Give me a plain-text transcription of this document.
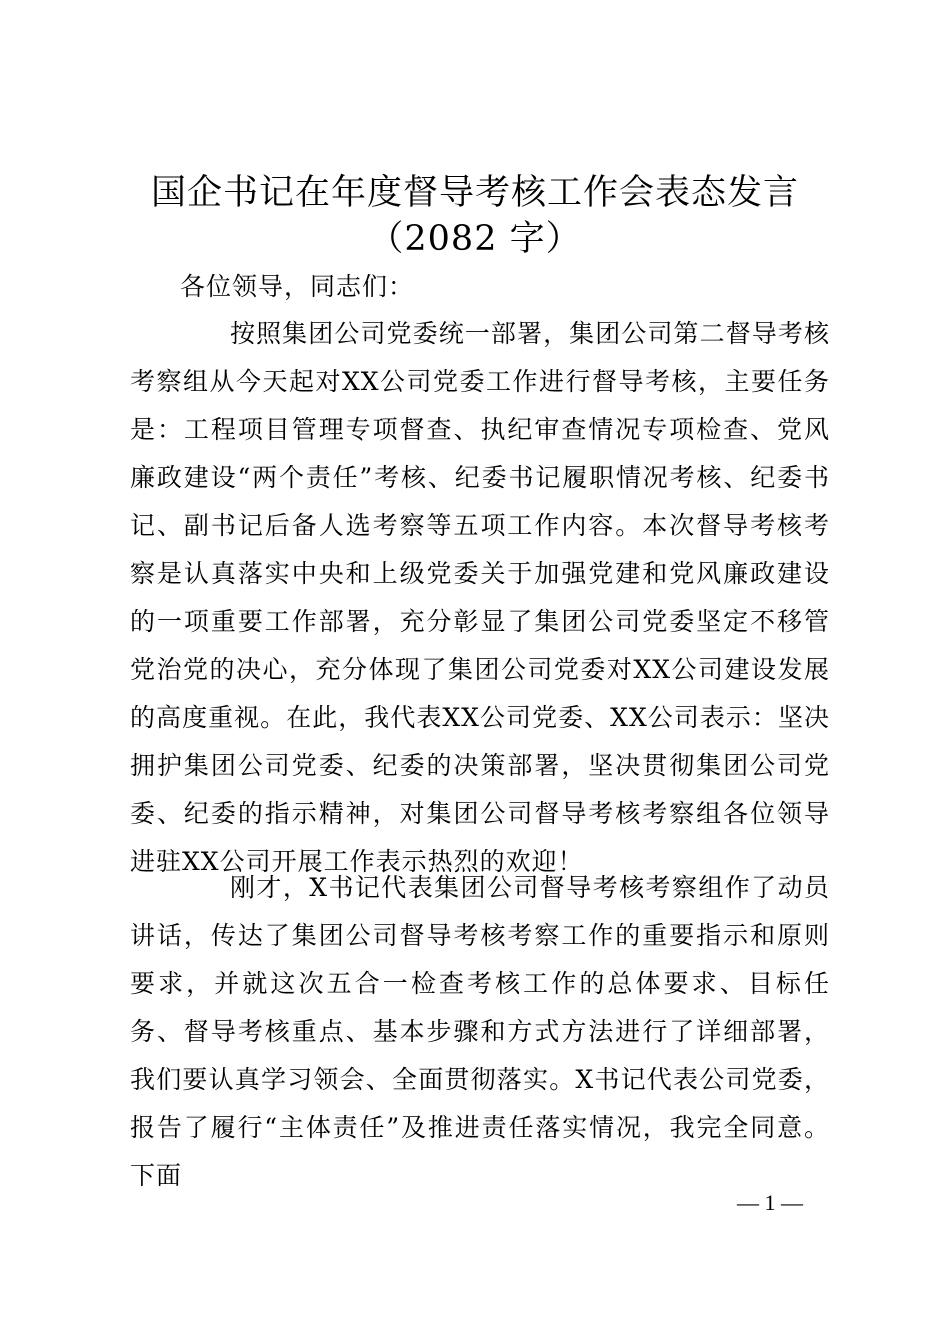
国企书记在年度督导考核工作会表态发言
（2082 字）

各位领导，同志们：

按照集团公司党委统一部署，集团公司第二督导考核考察组从今天起对XX公司党委工作进行督导考核，主要任务是：工程项目管理专项督查、执纪审查情况专项检查、党风廉政建设“两个责任”考核、纪委书记履职情况考核、纪委书记、副书记后备人选考察等五项工作内容。本次督导考核考察是认真落实中央和上级党委关于加强党建和党风廉政建设的一项重要工作部署，充分彰显了集团公司党委坚定不移管党治党的决心，充分体现了集团公司党委对XX公司建设发展的高度重视。在此，我代表XX公司党委、XX公司表示：坚决拥护集团公司党委、纪委的决策部署，坚决贯彻集团公司党委、纪委的指示精神，对集团公司督导考核考察组各位领导进驻XX公司开展工作表示热烈的欢迎！

刚才，X书记代表集团公司督导考核考察组作了动员讲话，传达了集团公司督导考核考察工作的重要指示和原则要求，并就这次五合一检查考核工作的总体要求、目标任务、督导考核重点、基本步骤和方式方法进行了详细部署，我们要认真学习领会、全面贯彻落实。X书记代表公司党委，报告了履行“主体责任”及推进责任落实情况，我完全同意。下面

— 1 —
